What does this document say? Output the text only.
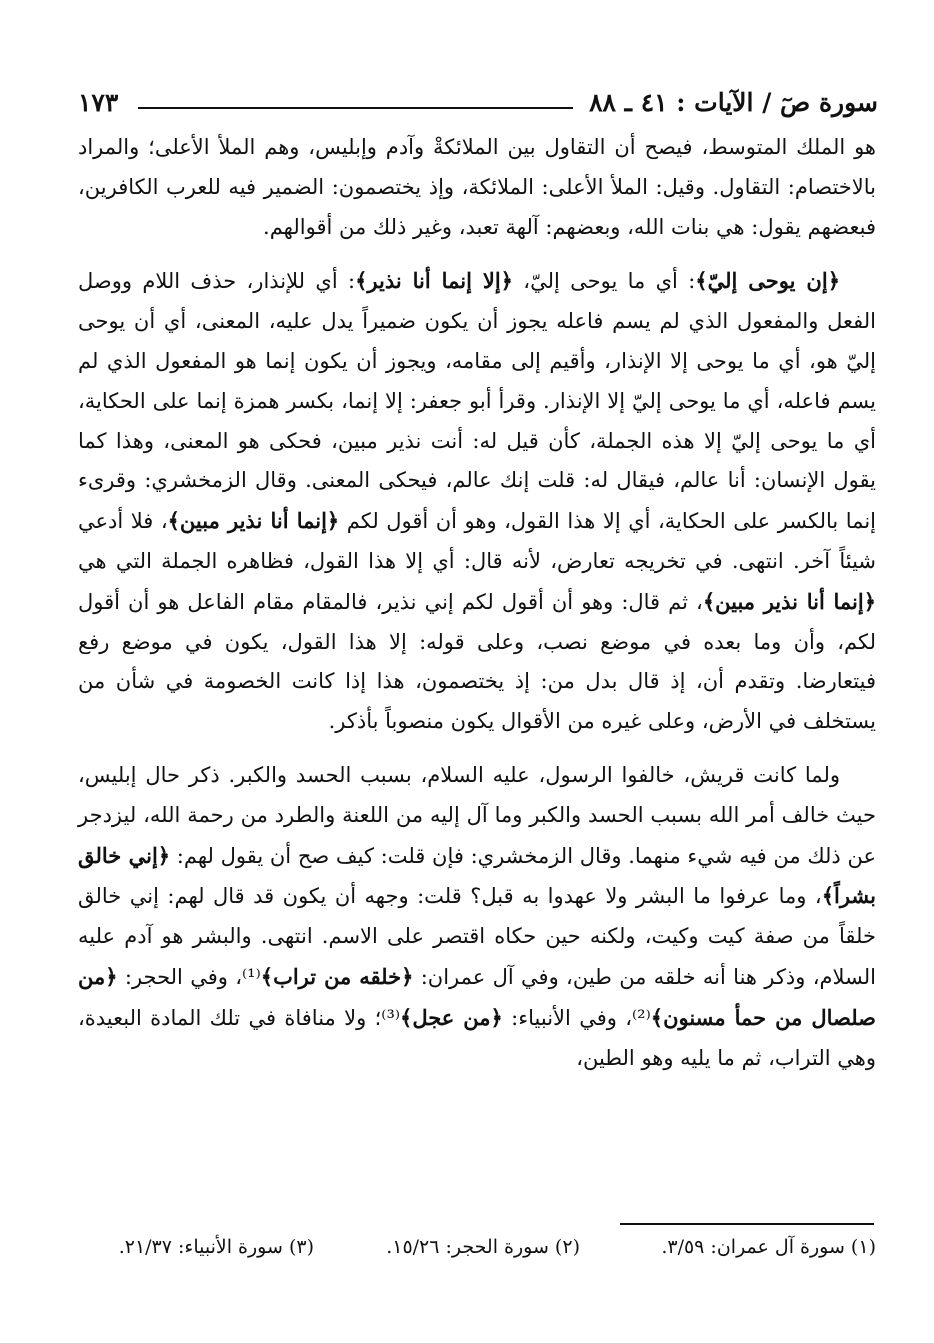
سورة صٓ / الآيات : ٤١ ـ ٨٨
١٧٣

هو الملك المتوسط، فيصح أن التقاول بين الملائكةْ وآدم وإبليس، وهم الملأ الأعلى؛ والمراد بالاختصام: التقاول. وقيل: الملأ الأعلى: الملائكة، وإذ يختصمون: الضمير فيه للعرب الكافرين، فبعضهم يقول: هي بنات الله، وبعضهم: آلهة تعبد، وغير ذلك من أقوالهم.

﴿إن يوحى إليّ﴾: أي ما يوحى إليّ، ﴿إلا إنما أنا نذير﴾: أي للإنذار، حذف اللام ووصل الفعل والمفعول الذي لم يسم فاعله يجوز أن يكون ضميراً يدل عليه، المعنى، أي أن يوحى إليّ هو، أي ما يوحى إلا الإنذار، وأقيم إلى مقامه، ويجوز أن يكون إنما هو المفعول الذي لم يسم فاعله، أي ما يوحى إليّ إلا الإنذار. وقرأ أبو جعفر: إلا إنما، بكسر همزة إنما على الحكاية، أي ما يوحى إليّ إلا هذه الجملة، كأن قيل له: أنت نذير مبين، فحكى هو المعنى، وهذا كما يقول الإنسان: أنا عالم، فيقال له: قلت إنك عالم، فيحكى المعنى. وقال الزمخشري: وقرىء إنما بالكسر على الحكاية، أي إلا هذا القول، وهو أن أقول لكم ﴿إنما أنا نذير مبين﴾، فلا أدعي شيئاً آخر. انتهى. في تخريجه تعارض، لأنه قال: أي إلا هذا القول، فظاهره الجملة التي هي ﴿إنما أنا نذير مبين﴾، ثم قال: وهو أن أقول لكم إني نذير، فالمقام مقام الفاعل هو أن أقول لكم، وأن وما بعده في موضع نصب، وعلى قوله: إلا هذا القول، يكون في موضع رفع فيتعارضا. وتقدم أن، إذ قال بدل من: إذ يختصمون، هذا إذا كانت الخصومة في شأن من يستخلف في الأرض، وعلى غيره من الأقوال يكون منصوباً بأذكر.

ولما كانت قريش، خالفوا الرسول، عليه السلام، بسبب الحسد والكبر. ذكر حال إبليس، حيث خالف أمر الله بسبب الحسد والكبر وما آل إليه من اللعنة والطرد من رحمة الله، ليزدجر عن ذلك من فيه شيء منهما. وقال الزمخشري: فإن قلت: كيف صح أن يقول لهم: ﴿إني خالق بشراً﴾، وما عرفوا ما البشر ولا عهدوا به قبل؟ قلت: وجهه أن يكون قد قال لهم: إني خالق خلقاً من صفة كيت وكيت، ولكنه حين حكاه اقتصر على الاسم. انتهى. والبشر هو آدم عليه السلام، وذكر هنا أنه خلقه من طين، وفي آل عمران: ﴿خلقه من تراب﴾⁽¹⁾، وفي الحجر: ﴿من صلصال من حمأ مسنون﴾⁽²⁾، وفي الأنبياء: ﴿من عجل﴾⁽³⁾؛ ولا منافاة في تلك المادة البعيدة، وهي التراب، ثم ما يليه وهو الطين،

(١) سورة آل عمران: ٣/٥٩.
(٢) سورة الحجر: ١٥/٢٦.
(٣) سورة الأنبياء: ٢١/٣٧.
